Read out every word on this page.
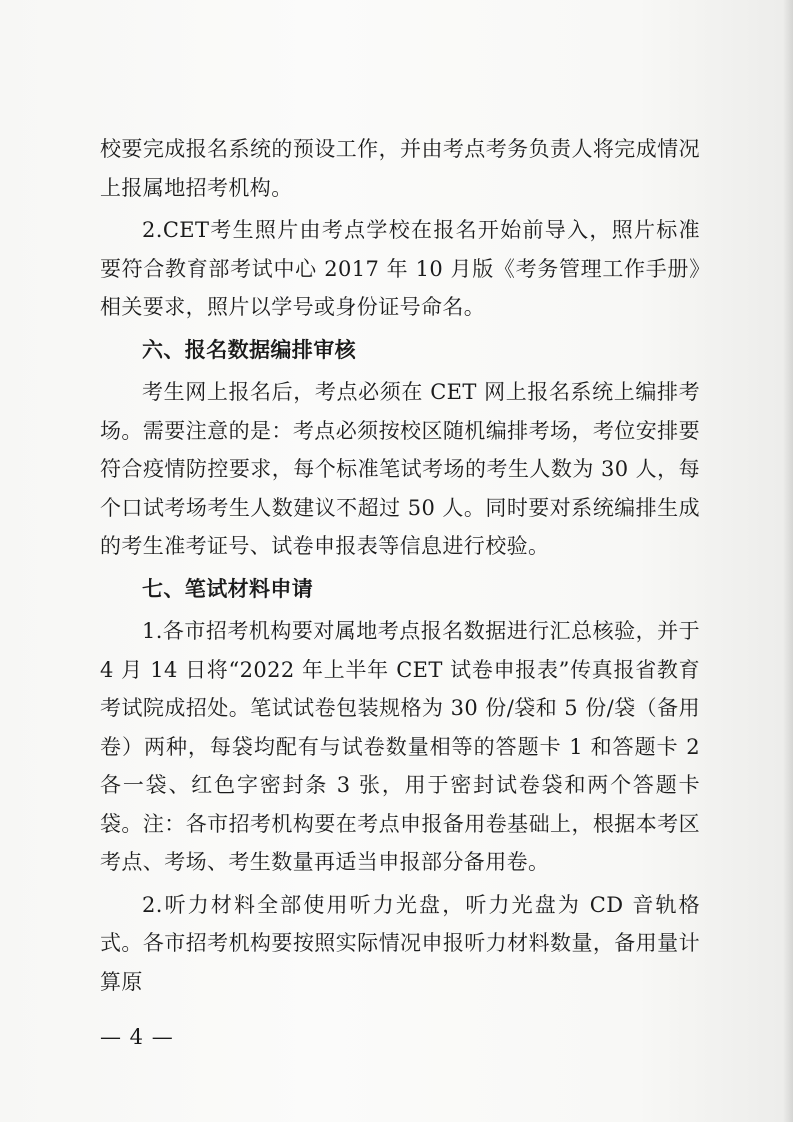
校要完成报名系统的预设工作，并由考点考务负责人将完成情况上报属地招考机构。

2.CET考生照片由考点学校在报名开始前导入，照片标准要符合教育部考试中心 2017 年 10 月版《考务管理工作手册》相关要求，照片以学号或身份证号命名。

六、报名数据编排审核

考生网上报名后，考点必须在 CET 网上报名系统上编排考场。需要注意的是：考点必须按校区随机编排考场，考位安排要符合疫情防控要求，每个标准笔试考场的考生人数为 30 人，每个口试考场考生人数建议不超过 50 人。同时要对系统编排生成的考生准考证号、试卷申报表等信息进行校验。

七、笔试材料申请

1.各市招考机构要对属地考点报名数据进行汇总核验，并于 4 月 14 日将“2022 年上半年 CET 试卷申报表”传真报省教育考试院成招处。笔试试卷包装规格为 30 份/袋和 5 份/袋（备用卷）两种，每袋均配有与试卷数量相等的答题卡 1 和答题卡 2 各一袋、红色字密封条 3 张，用于密封试卷袋和两个答题卡袋。注：各市招考机构要在考点申报备用卷基础上，根据本考区考点、考场、考生数量再适当申报部分备用卷。

2.听力材料全部使用听力光盘，听力光盘为 CD 音轨格式。各市招考机构要按照实际情况申报听力材料数量，备用量计算原

— 4 —
